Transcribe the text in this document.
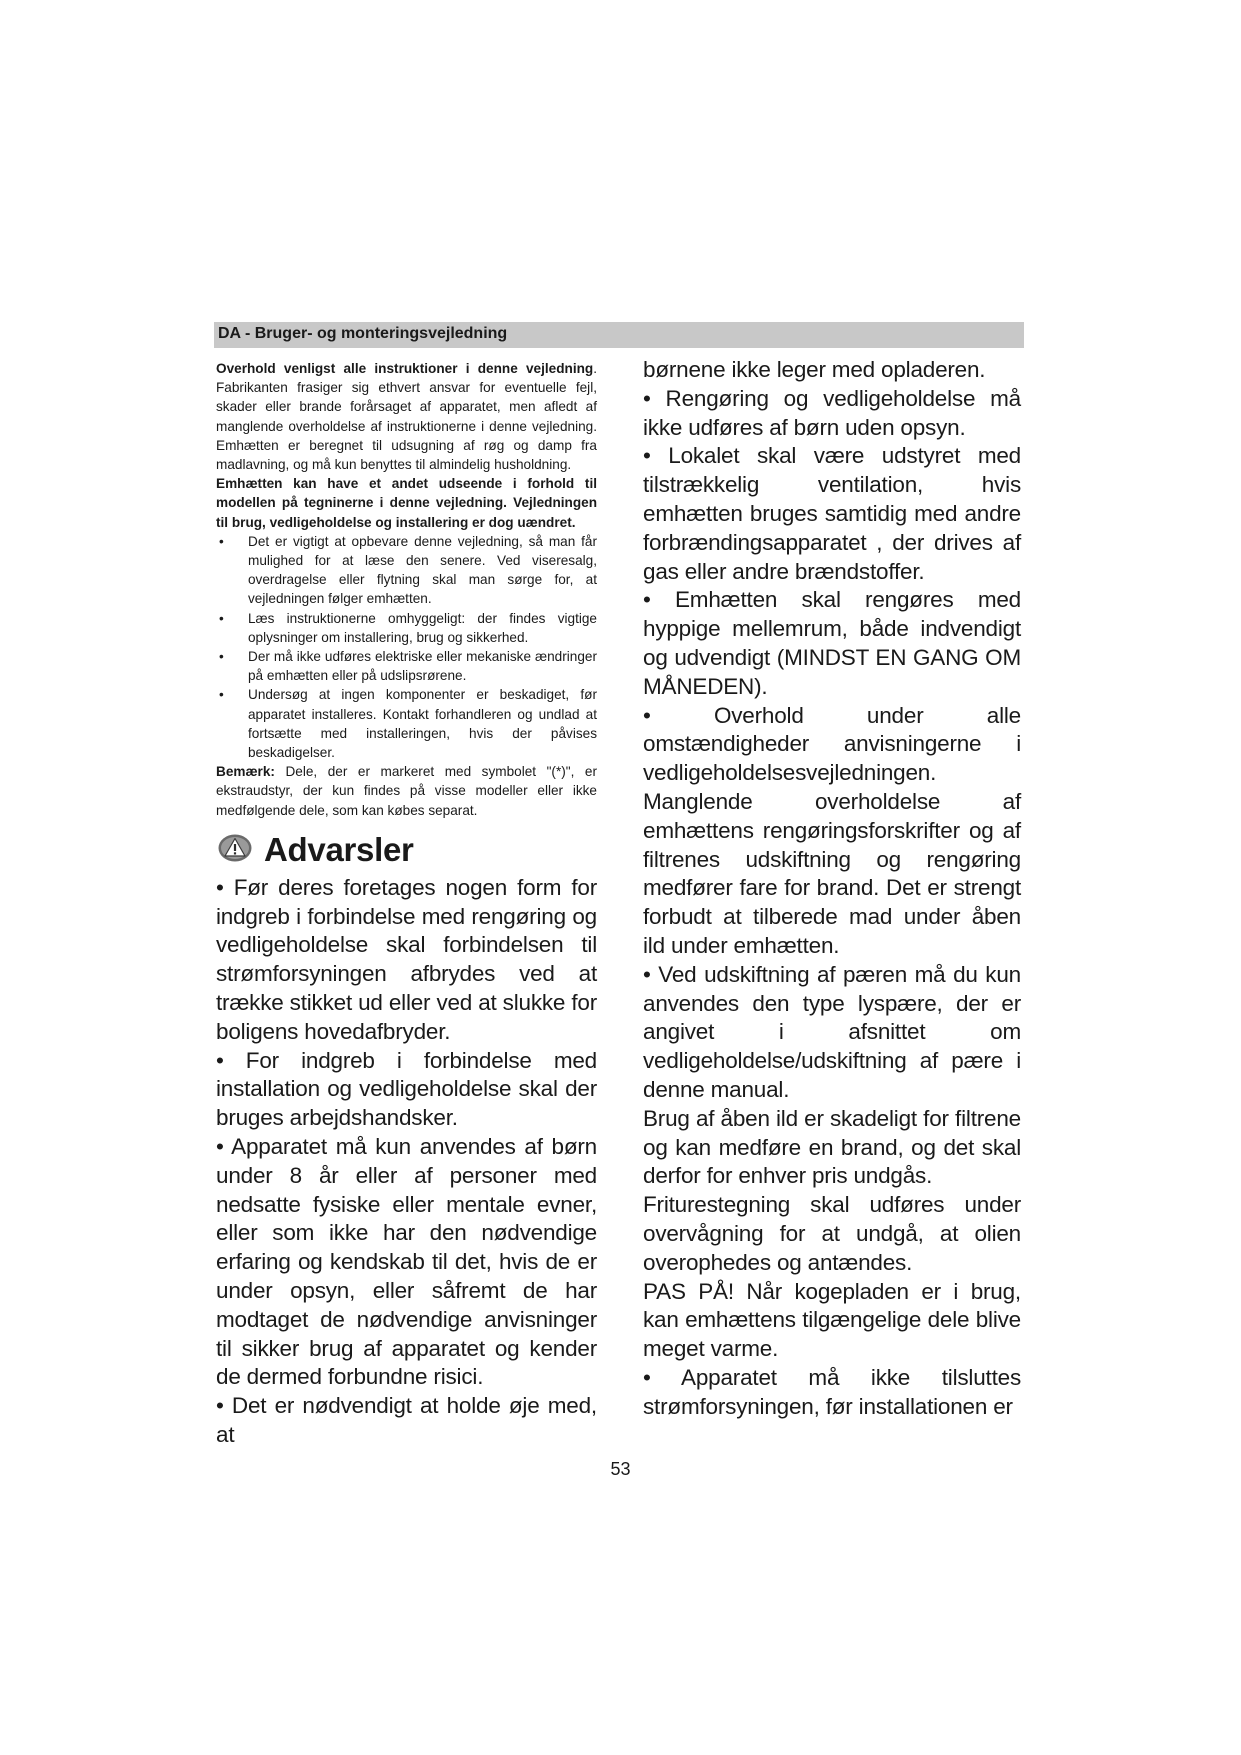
DA - Bruger- og monteringsvejledning

Overhold venligst alle instruktioner i denne vejledning. Fabrikanten frasiger sig ethvert ansvar for eventuelle fejl, skader eller brande forårsaget af apparatet, men afledt af manglende overholdelse af instruktionerne i denne vejledning. Emhætten er beregnet til udsugning af røg og damp fra madlavning, og må kun benyttes til almindelig husholdning.

Emhætten kan have et andet udseende i forhold til modellen på tegninerne i denne vejledning. Vejledningen til brug, vedligeholdelse og installering er dog uændret.

• Det er vigtigt at opbevare denne vejledning, så man får mulighed for at læse den senere. Ved viseresalg, overdragelse eller flytning skal man sørge for, at vejledningen følger emhætten.
• Læs instruktionerne omhyggeligt: der findes vigtige oplysninger om installering, brug og sikkerhed.
• Der må ikke udføres elektriske eller mekaniske ændringer på emhætten eller på udslipsrørene.
• Undersøg at ingen komponenter er beskadiget, før apparatet installeres. Kontakt forhandleren og undlad at fortsætte med installeringen, hvis der påvises beskadigelser.

Bemærk: Dele, der er markeret med symbolet "(*)", er ekstraudstyr, der kun findes på visse modeller eller ikke medfølgende dele, som kan købes separat.

Advarsler

• Før deres foretages nogen form for indgreb i forbindelse med rengøring og vedligeholdelse skal forbindelsen til strømforsyningen afbrydes ved at trække stikket ud eller ved at slukke for boligens hovedafbryder.

• For indgreb i forbindelse med installation og vedligeholdelse skal der bruges arbejdshandsker.

• Apparatet må kun anvendes af børn under 8 år eller af personer med nedsatte fysiske eller mentale evner, eller som ikke har den nødvendige erfaring og kendskab til det, hvis de er under opsyn, eller såfremt de har modtaget de nødvendige anvisninger til sikker brug af apparatet og kender de dermed forbundne risici.

• Det er nødvendigt at holde øje med, at

børnene ikke leger med opladeren.

• Rengøring og vedligeholdelse må ikke udføres af børn uden opsyn.

• Lokalet skal være udstyret med tilstrækkelig ventilation, hvis emhætten bruges samtidig med andre forbrændingsapparatet , der drives af gas eller andre brændstoffer.

• Emhætten skal rengøres med hyppige mellemrum, både indvendigt og udvendigt (MINDST EN GANG OM MÅNEDEN).

• Overhold under alle omstændigheder anvisningerne i vedligeholdelsesvejledningen.

Manglende overholdelse af emhættens rengøringsforskrifter og af filtrenes udskiftning og rengøring medfører fare for brand. Det er strengt forbudt at tilberede mad under åben ild under emhætten.

• Ved udskiftning af pæren må du kun anvendes den type lyspære, der er angivet i afsnittet om vedligeholdelse/udskiftning af pære i denne manual.

Brug af åben ild er skadeligt for filtrene og kan medføre en brand, og det skal derfor for enhver pris undgås.

Friturestegning skal udføres under overvågning for at undgå, at olien overophedes og antændes.

PAS PÅ! Når kogepladen er i brug, kan emhættens tilgængelige dele blive meget varme.

• Apparatet må ikke tilsluttes strømforsyningen, før installationen er

53
